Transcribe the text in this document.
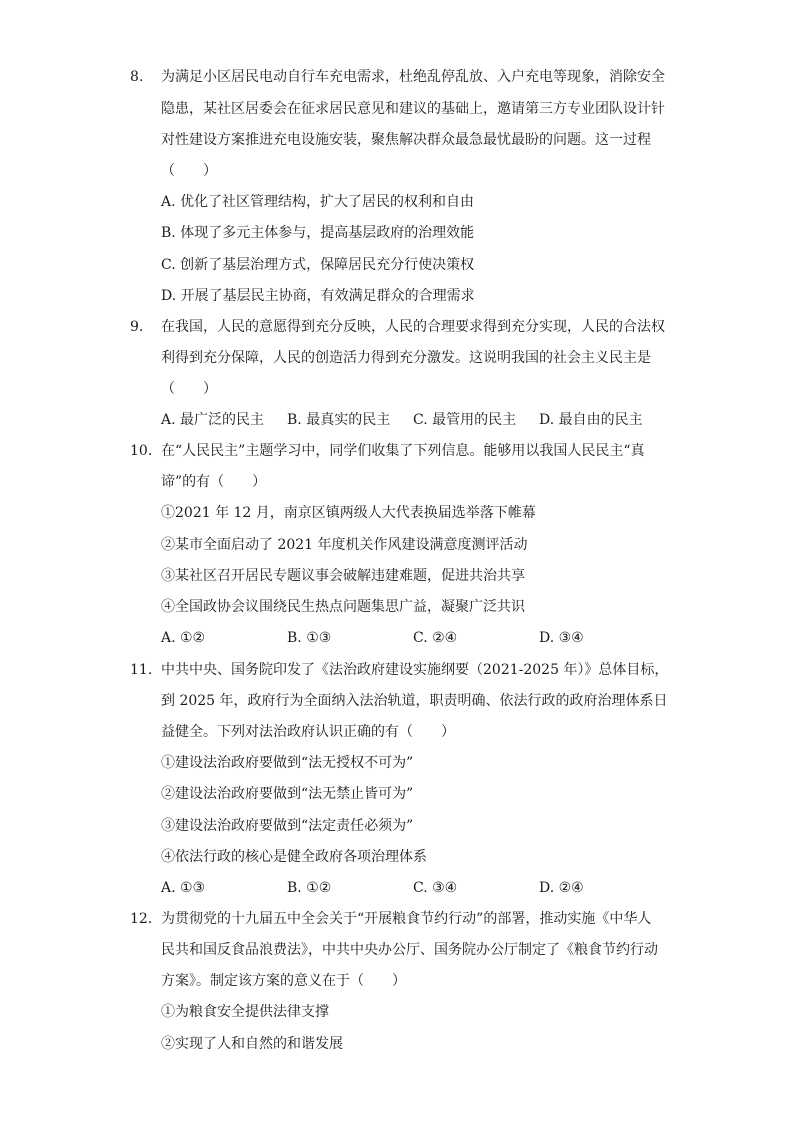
8.	为满足小区居民电动自行车充电需求，杜绝乱停乱放、入户充电等现象，消除安全
隐患，某社区居委会在征求居民意见和建议的基础上，邀请第三方专业团队设计针
对性建设方案推进充电设施安装，聚焦解决群众最急最忧最盼的问题。这一过程
（　　）
A. 优化了社区管理结构，扩大了居民的权利和自由
B. 体现了多元主体参与，提高基层政府的治理效能
C. 创新了基层治理方式，保障居民充分行使决策权
D. 开展了基层民主协商，有效满足群众的合理需求
9.	在我国，人民的意愿得到充分反映，人民的合理要求得到充分实现，人民的合法权
利得到充分保障，人民的创造活力得到充分激发。这说明我国的社会主义民主是
（　　）
A. 最广泛的民主 B. 最真实的民主 C. 最管用的民主 D. 最自由的民主
10. 在“人民民主”主题学习中，同学们收集了下列信息。能够用以我国人民民主“真
谛”的有（　　）
①2021 年 12 月，南京区镇两级人大代表换届选举落下帷幕
②某市全面启动了 2021 年度机关作风建设满意度测评活动
③某社区召开居民专题议事会破解违建难题，促进共治共享
④全国政协会议围绕民生热点问题集思广益，凝聚广泛共识
A. ①②	B. ①③	C. ②④	D. ③④
11. 中共中央、国务院印发了《法治政府建设实施纲要（2021-2025 年）》总体目标，
到 2025 年，政府行为全面纳入法治轨道，职责明确、依法行政的政府治理体系日
益健全。下列对法治政府认识正确的有（　　）
①建设法治政府要做到“法无授权不可为”
②建设法治政府要做到“法无禁止皆可为”
③建设法治政府要做到“法定责任必须为”
④依法行政的核心是健全政府各项治理体系
A. ①③	B. ①②	C. ③④	D. ②④
12. 为贯彻党的十九届五中全会关于“开展粮食节约行动”的部署，推动实施《中华人
民共和国反食品浪费法》，中共中央办公厅、国务院办公厅制定了《粮食节约行动
方案》。制定该方案的意义在于（　　）
①为粮食安全提供法律支撑
②实现了人和自然的和谐发展
